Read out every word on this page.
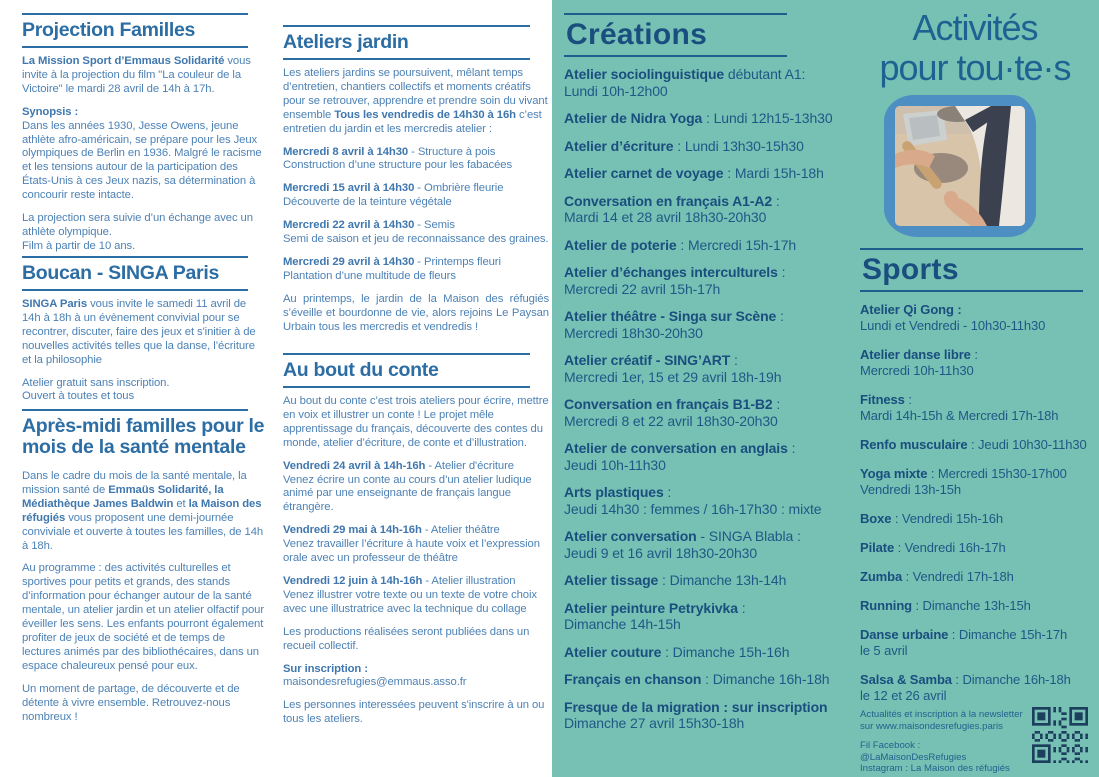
Projection Familles
La Mission Sport d’Emmaus Solidarité vous invite à la projection du film "La couleur de la Victoire" le mardi 28 avril de 14h à 17h.
Synopsis :
Dans les années 1930, Jesse Owens, jeune athlète afro-américain, se prépare pour les Jeux olympiques de Berlin en 1936. Malgré le racisme et les tensions autour de la participation des États-Unis à ces Jeux nazis, sa détermination à concourir reste intacte.
La projection sera suivie d’un échange avec un athlète olympique.
Film à partir de 10 ans.
Boucan - SINGA Paris
SINGA Paris vous invite le samedi 11 avril de 14h à 18h à un évènement convivial pour se recontrer, discuter, faire des jeux et s'initier à de nouvelles activités telles que la danse, l’écriture et la philosophie
Atelier gratuit sans inscription.
Ouvert à toutes et tous
Après-midi familles pour le mois de la santé mentale
Dans le cadre du mois de la santé mentale, la mission santé de Emmaüs Solidarité, la Médiathèque James Baldwin et la Maison des réfugiés vous proposent une demi-journée conviviale et ouverte à toutes les familles, de 14h à 18h.
Au programme : des activités culturelles et sportives pour petits et grands, des stands d’information pour échanger autour de la santé mentale, un atelier jardin et un atelier olfactif pour éveiller les sens. Les enfants pourront également profiter de jeux de société et de temps de lectures animés par des bibliothécaires, dans un espace chaleureux pensé pour eux.
Un moment de partage, de découverte et de détente à vivre ensemble. Retrouvez-nous nombreux !
Ateliers jardin
Les ateliers jardins se poursuivent, mêlant temps d’entretien, chantiers collectifs et moments créatifs pour se retrouver, apprendre et prendre soin du vivant ensemble Tous les vendredis de 14h30 à 16h c’est entretien du jardin et les mercredis atelier :
Mercredi 8 avril à 14h30 - Structure à pois
Construction d’une structure pour les fabacées
Mercredi 15 avril à 14h30 - Ombrière fleurie
Découverte de la teinture végétale
Mercredi 22 avril à 14h30 - Semis
Semi de saison et jeu de reconnaissance des graines.
Mercredi 29 avril à 14h30 - Printemps fleuri
Plantation d’une multitude de fleurs
Au printemps, le jardin de la Maison des réfugiés s’éveille et bourdonne de vie, alors rejoins Le Paysan Urbain tous les mercredis et vendredis !
Au bout du conte
Au bout du conte c’est trois ateliers pour écrire, mettre en voix et illustrer un conte ! Le projet mêle apprentissage du français, découverte des contes du monde, atelier d’écriture, de conte et d’illustration.
Vendredi 24 avril à 14h-16h - Atelier d'écriture
Venez écrire un conte au cours d’un atelier ludique animé par une enseignante de français langue étrangère.
Vendredi 29 mai à 14h-16h - Atelier théâtre
Venez travailler l’écriture à haute voix et l’expression orale avec un professeur de théâtre
Vendredi 12 juin à 14h-16h - Atelier illustration
Venez illustrer votre texte ou un texte de votre choix avec une illustratrice avec la technique du collage
Les productions réalisées seront publiées dans un recueil collectif.
Sur inscription :
maisondesrefugies@emmaus.asso.fr
Les personnes interessées peuvent s'inscrire à un ou tous les ateliers.
Créations
Atelier sociolinguistique débutant A1:
Lundi 10h-12h00
Atelier de Nidra Yoga : Lundi 12h15-13h30
Atelier d’écriture : Lundi 13h30-15h30
Atelier carnet de voyage : Mardi 15h-18h
Conversation en français A1-A2 :
Mardi 14 et 28 avril 18h30-20h30
Atelier de poterie : Mercredi 15h-17h
Atelier d’échanges interculturels :
Mercredi 22 avril 15h-17h
Atelier théâtre - Singa sur Scène :
Mercredi 18h30-20h30
Atelier créatif - SING’ART :
Mercredi 1er, 15 et 29 avril 18h-19h
Conversation en français B1-B2 :
Mercredi 8 et 22 avril 18h30-20h30
Atelier de conversation en anglais :
Jeudi 10h-11h30
Arts plastiques :
Jeudi 14h30 : femmes / 16h-17h30 : mixte
Atelier conversation - SINGA Blabla :
Jeudi 9 et 16 avril 18h30-20h30
Atelier tissage : Dimanche 13h-14h
Atelier peinture Petrykivka :
Dimanche 14h-15h
Atelier couture : Dimanche 15h-16h
Français en chanson : Dimanche 16h-18h
Fresque de la migration : sur inscription
Dimanche 27 avril 15h30-18h
Activités
pour tou·te·s
Sports
Atelier Qi Gong :
Lundi et Vendredi - 10h30-11h30
Atelier danse libre :
Mercredi 10h-11h30
Fitness :
Mardi 14h-15h & Mercredi 17h-18h
Renfo musculaire : Jeudi 10h30-11h30
Yoga mixte : Mercredi 15h30-17h00
Vendredi 13h-15h
Boxe : Vendredi 15h-16h
Pilate : Vendredi 16h-17h
Zumba : Vendredi 17h-18h
Running : Dimanche 13h-15h
Danse urbaine : Dimanche 15h-17h
le 5 avril
Salsa & Samba : Dimanche 16h-18h
le 12 et 26 avril
Actualités et inscription à la newsletter
sur www.maisondesrefugies.paris
Fil Facebook : @LaMaisonDesRefugies
Instagram : La Maison des réfugiés
